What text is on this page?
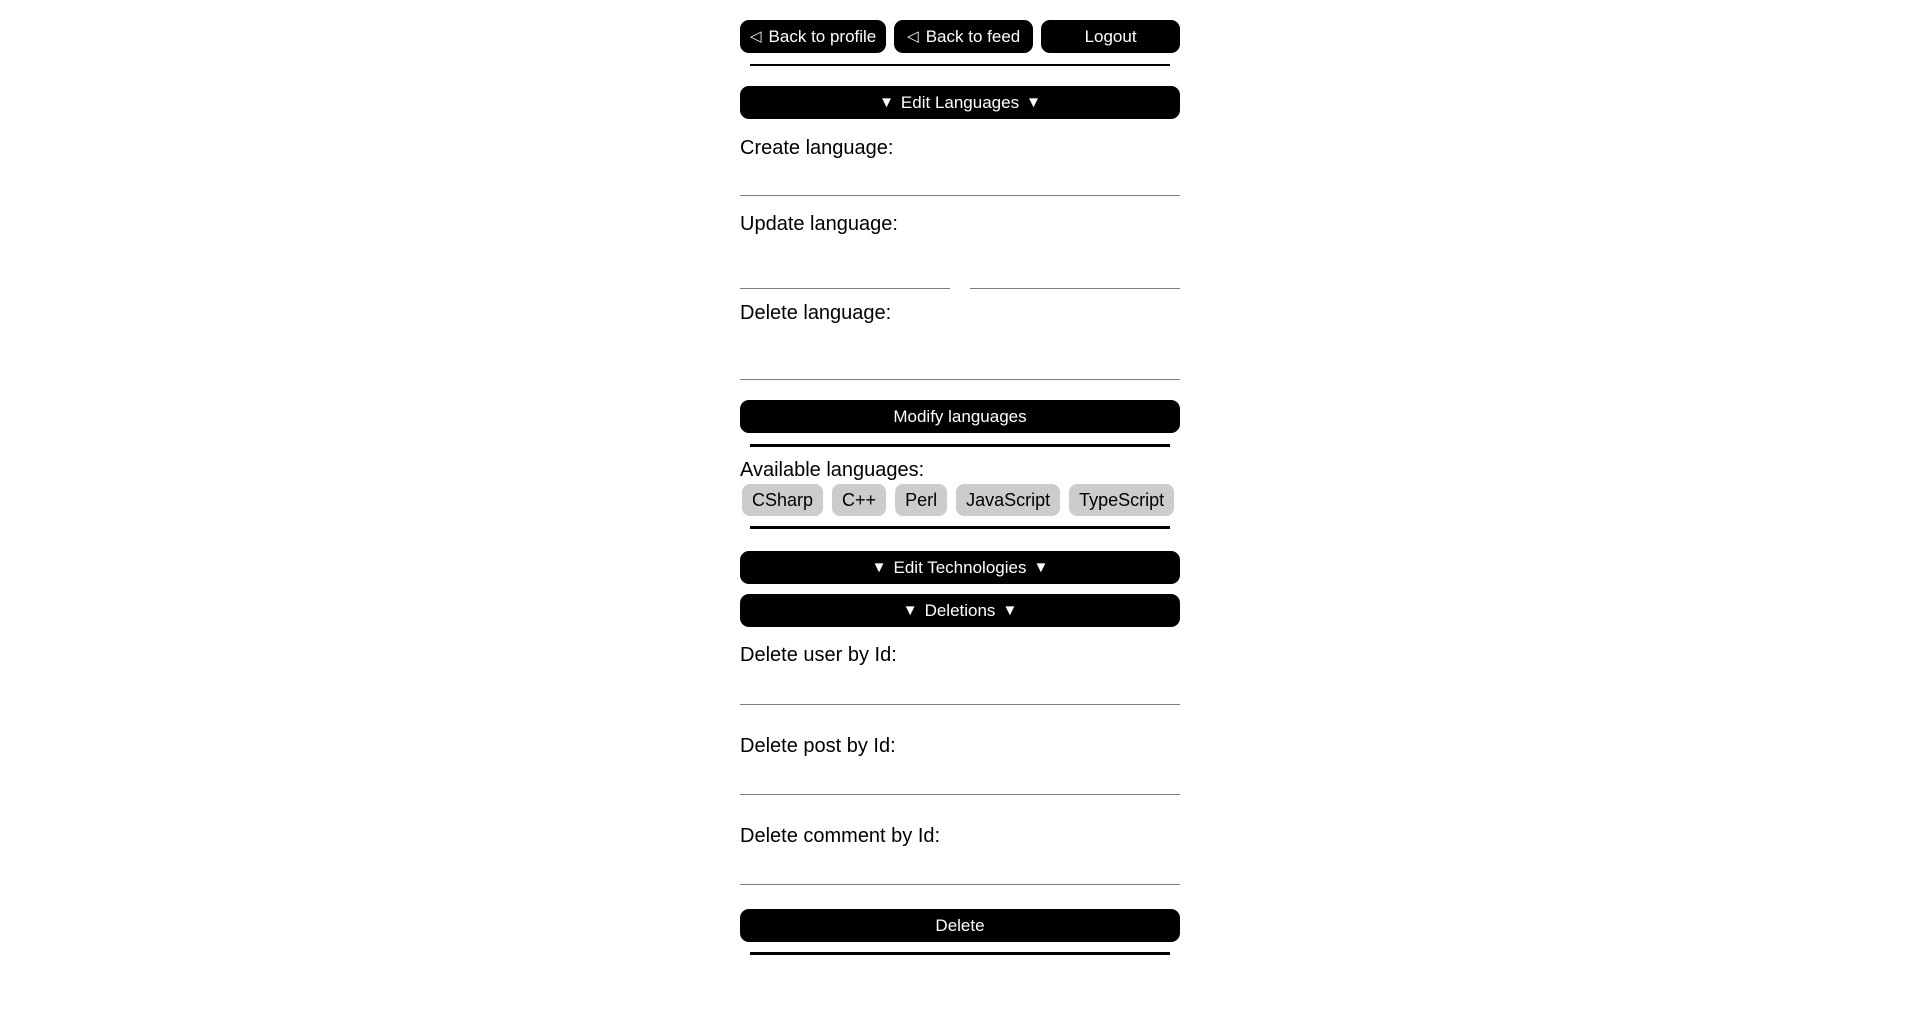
◁ Back to profile ◁ Back to feed	Logout
▼ Edit Languages ▼
Create language:
Update language:
Delete language:
Modify languages
Available languages:
CSharp	C++	Perl	JavaScript	TypeScript
▼ Edit Technologies ▼
▼ Deletions ▼
Delete user by Id:
Delete post by Id:
Delete comment by Id:
Delete
